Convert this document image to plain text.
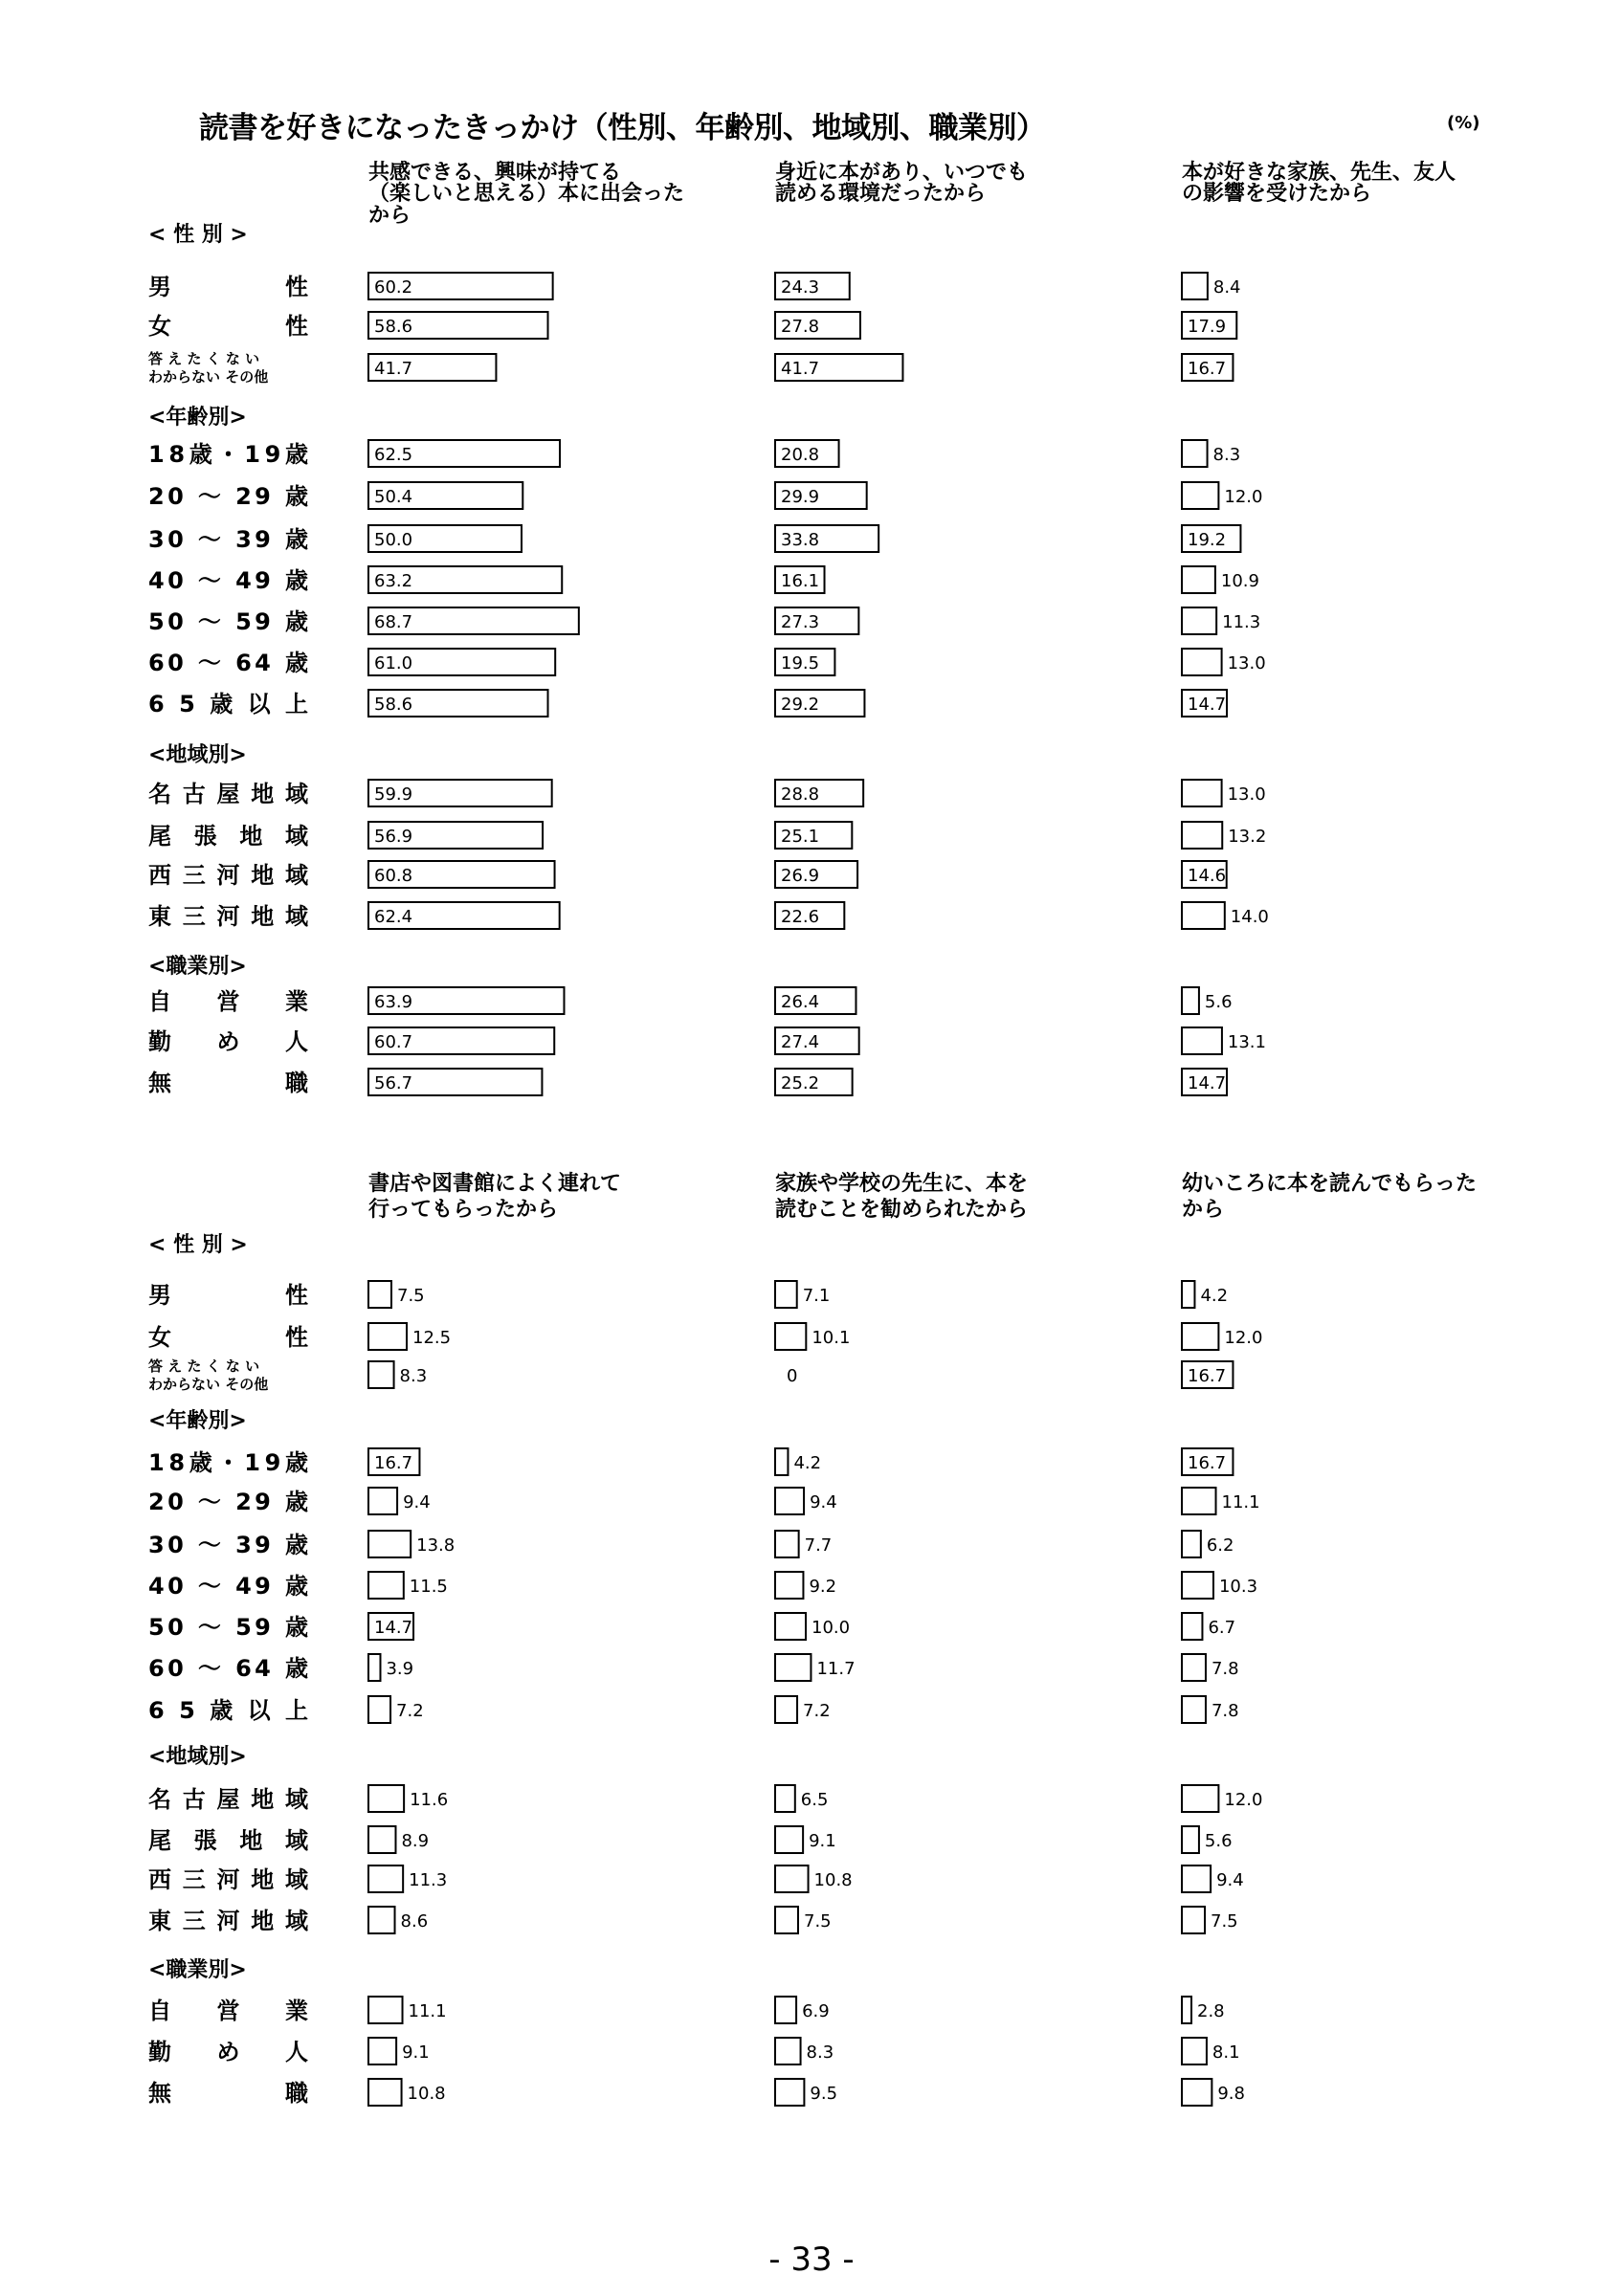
読書を好きになったきっかけ（性別、年齢別、地域別、職業別）	(%)
共感できる、興味が持てる
（楽しいと思える）本に出会った
から
身近に本があり、いつでも
読める環境だったから
本が好きな家族、先生、友人
の影響を受けたから
< 性 別 >
男　　　性	60.2	24.3	8.4
女　　　性	58.6	27.8	17.9
答 え た く な い
わからない その他	41.7	41.7	16.7
<年齢別>
18歳・19歳	62.5	20.8	8.3
20 ～ 29 歳	50.4	29.9	12.0
30 ～ 39 歳	50.0	33.8	19.2
40 ～ 49 歳	63.2	16.1	10.9
50 ～ 59 歳	68.7	27.3	11.3
60 ～ 64 歳	61.0	19.5	13.0
6 5 歳 以 上	58.6	29.2	14.7
<地域別>
名古屋地域	59.9	28.8	13.0
尾 張 地 域	56.9	25.1	13.2
西三河地域	60.8	26.9	14.6
東三河地域	62.4	22.6	14.0
<職業別>
自　営　業	63.9	26.4	5.6
勤　め　人	60.7	27.4	13.1
無　　　職	56.7	25.2	14.7
書店や図書館によく連れて
行ってもらったから
家族や学校の先生に、本を
読むことを勧められたから
幼いころに本を読んでもらった
から
< 性 別 >
男　　　性	7.5	7.1	4.2
女　　　性	12.5	10.1	12.0
答 え た く な い
わからない その他	8.3	0	16.7
<年齢別>
18歳・19歳	16.7	4.2	16.7
20 ～ 29 歳	9.4	9.4	11.1
30 ～ 39 歳	13.8	7.7	6.2
40 ～ 49 歳	11.5	9.2	10.3
50 ～ 59 歳	14.7	10.0	6.7
60 ～ 64 歳	3.9	11.7	7.8
6 5 歳 以 上	7.2	7.2	7.8
<地域別>
名古屋地域	11.6	6.5	12.0
尾 張 地 域	8.9	9.1	5.6
西三河地域	11.3	10.8	9.4
東三河地域	8.6	7.5	7.5
<職業別>
自　営　業	11.1	6.9	2.8
勤　め　人	9.1	8.3	8.1
無　　　職	10.8	9.5	9.8
- 33 -
